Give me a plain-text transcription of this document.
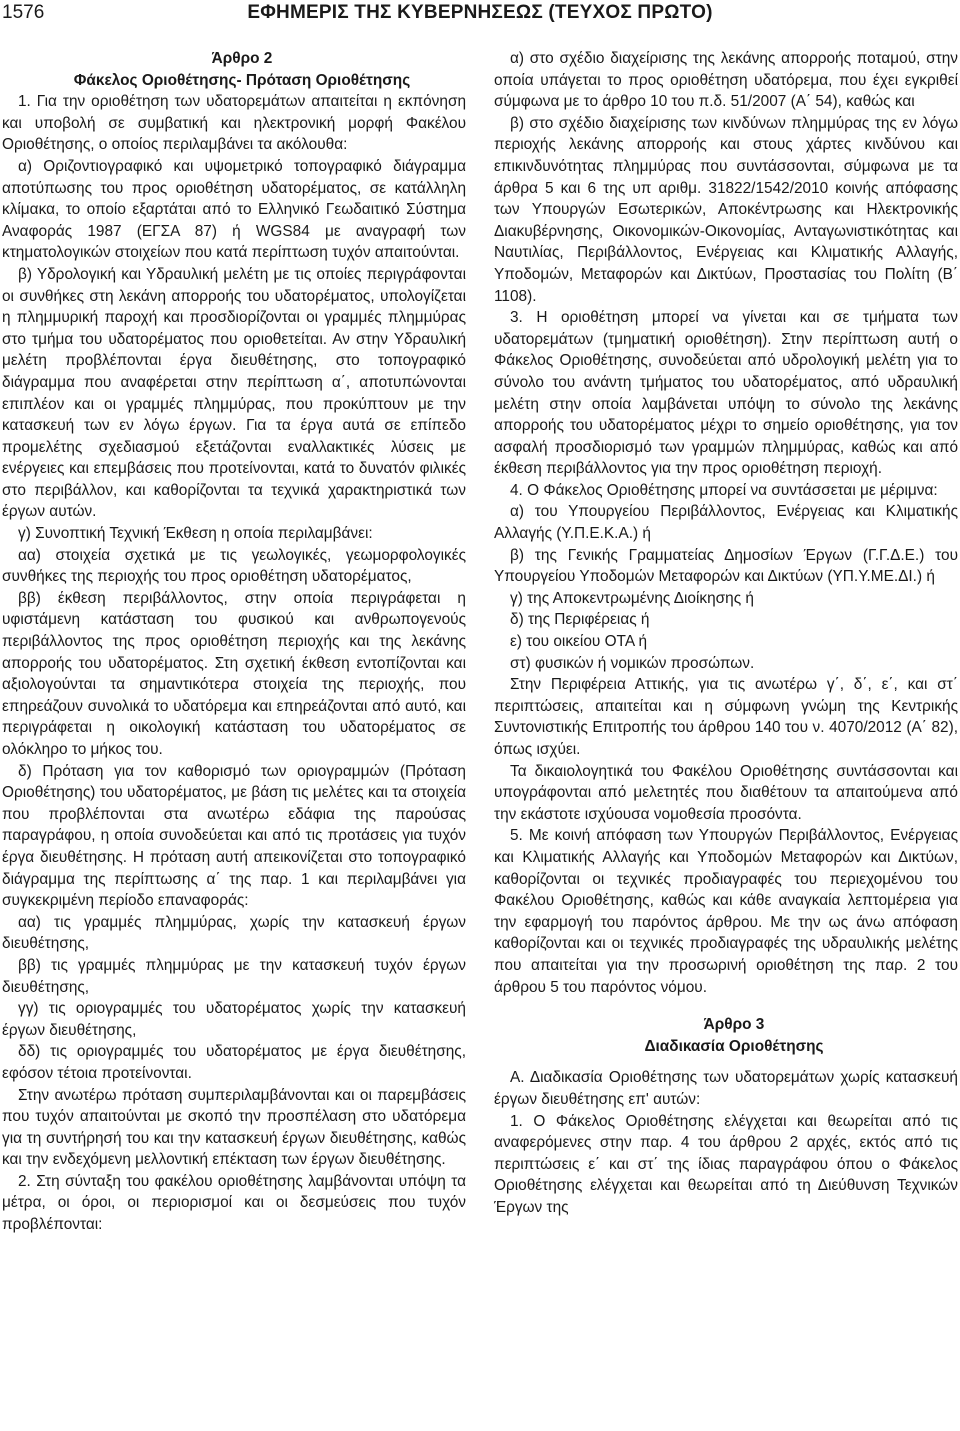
1576	ΕΦΗΜΕΡΙΣ ΤΗΣ ΚΥΒΕΡΝΗΣΕΩΣ (ΤΕΥΧΟΣ ΠΡΩΤΟ)

Άρθρο 2

Φάκελος Οριοθέτησης- Πρόταση Οριοθέτησης

1. Για την οριοθέτηση των υδατορεμάτων απαιτείται η εκπόνηση και υποβολή σε συμβατική και ηλεκτρονική μορφή Φακέλου Οριοθέτησης, ο οποίος περιλαμβάνει τα ακόλουθα:

α) Οριζοντιογραφικό και υψομετρικό τοπογραφικό διάγραμμα αποτύπωσης του προς οριοθέτηση υδατορέματος, σε κατάλληλη κλίμακα, το οποίο εξαρτάται από το Ελληνικό Γεωδαιτικό Σύστημα Αναφοράς 1987 (ΕΓΣΑ 87) ή WGS84 με αναγραφή των κτηματολογικών στοιχείων που κατά περίπτωση τυχόν απαιτούνται.

β) Υδρολογική και Υδραυλική μελέτη με τις οποίες περιγράφονται οι συνθήκες στη λεκάνη απορροής του υδατορέματος, υπολογίζεται η πλημμυρική παροχή και προσδιορίζονται οι γραμμές πλημμύρας στο τμήμα του υδατορέματος που οριοθετείται. Αν στην Υδραυλική μελέτη προβλέπονται έργα διευθέτησης, στο τοπογραφικό διάγραμμα που αναφέρεται στην περίπτωση α΄, αποτυπώνονται επιπλέον και οι γραμμές πλημμύρας, που προκύπτουν με την κατασκευή των εν λόγω έργων. Για τα έργα αυτά σε επίπεδο προμελέτης σχεδιασμού εξετάζονται εναλλακτικές λύσεις με ενέργειες και επεμβάσεις που προτείνονται, κατά το δυνατόν φιλικές στο περιβάλλον, και καθορίζονται τα τεχνικά χαρακτηριστικά των έργων αυτών.

γ) Συνοπτική Τεχνική Έκθεση η οποία περιλαμβάνει:

αα) στοιχεία σχετικά με τις γεωλογικές, γεωμορφολογικές συνθήκες της περιοχής του προς οριοθέτηση υδατορέματος,

ββ) έκθεση περιβάλλοντος, στην οποία περιγράφεται η υφιστάμενη κατάσταση του φυσικού και ανθρωπογενούς περιβάλλοντος της προς οριοθέτηση περιοχής και της λεκάνης απορροής του υδατορέματος. Στη σχετική έκθεση εντοπίζονται και αξιολογούνται τα σημαντικότερα στοιχεία της περιοχής, που επηρεάζουν συνολικά το υδατόρεμα και επηρεάζονται από αυτό, και περιγράφεται η οικολογική κατάσταση του υδατορέματος σε ολόκληρο το μήκος του.

δ) Πρόταση για τον καθορισμό των οριογραμμών (Πρόταση Οριοθέτησης) του υδατορέματος, με βάση τις μελέτες και τα στοιχεία που προβλέπονται στα ανωτέρω εδάφια της παρούσας παραγράφου, η οποία συνοδεύεται και από τις προτάσεις για τυχόν έργα διευθέτησης. Η πρόταση αυτή απεικονίζεται στο τοπογραφικό διάγραμμα της περίπτωσης α΄ της παρ. 1 και περιλαμβάνει για συγκεκριμένη περίοδο επαναφοράς:

αα) τις γραμμές πλημμύρας, χωρίς την κατασκευή έργων διευθέτησης,

ββ) τις γραμμές πλημμύρας με την κατασκευή τυχόν έργων διευθέτησης,

γγ) τις οριογραμμές του υδατορέματος χωρίς την κατασκευή έργων διευθέτησης,

δδ) τις οριογραμμές του υδατορέματος με έργα διευθέτησης, εφόσον τέτοια προτείνονται.

Στην ανωτέρω πρόταση συμπεριλαμβάνονται και οι παρεμβάσεις που τυχόν απαιτούνται με σκοπό την προσπέλαση στο υδατόρεμα για τη συντήρησή του και την κατασκευή έργων διευθέτησης, καθώς και την ενδεχόμενη μελλοντική επέκταση των έργων διευθέτησης.

2. Στη σύνταξη του φακέλου οριοθέτησης λαμβάνονται υπόψη τα μέτρα, οι όροι, οι περιορισμοί και οι δεσμεύσεις που τυχόν προβλέπονται:

α) στο σχέδιο διαχείρισης της λεκάνης απορροής ποταμού, στην οποία υπάγεται το προς οριοθέτηση υδατόρεμα, που έχει εγκριθεί σύμφωνα με το άρθρο 10 του π.δ. 51/2007 (Α΄ 54), καθώς και

β) στο σχέδιο διαχείρισης των κινδύνων πλημμύρας της εν λόγω περιοχής λεκάνης απορροής και στους χάρτες κινδύνου και επικινδυνότητας πλημμύρας που συντάσσονται, σύμφωνα με τα άρθρα 5 και 6 της υπ αριθμ. 31822/1542/2010 κοινής απόφασης των Υπουργών Εσωτερικών, Αποκέντρωσης και Ηλεκτρονικής Διακυβέρνησης, Οικονομικών-Οικονομίας, Ανταγωνιστικότητας και Ναυτιλίας, Περιβάλλοντος, Ενέργειας και Κλιματικής Αλλαγής, Υποδομών, Μεταφορών και Δικτύων, Προστασίας του Πολίτη (Β΄ 1108).

3. Η οριοθέτηση μπορεί να γίνεται και σε τμήματα των υδατορεμάτων (τμηματική οριοθέτηση). Στην περίπτωση αυτή ο Φάκελος Οριοθέτησης, συνοδεύεται από υδρολογική μελέτη για το σύνολο του ανάντη τμήματος του υδατορέματος, από υδραυλική μελέτη στην οποία λαμβάνεται υπόψη το σύνολο της λεκάνης απορροής του υδατορέματος μέχρι το σημείο οριοθέτησης, για τον ασφαλή προσδιορισμό των γραμμών πλημμύρας, καθώς και από έκθεση περιβάλλοντος για την προς οριοθέτηση περιοχή.

4. Ο Φάκελος Οριοθέτησης μπορεί να συντάσσεται με μέριμνα:

α) του Υπουργείου Περιβάλλοντος, Ενέργειας και Κλιματικής Αλλαγής (Υ.Π.Ε.Κ.Α.) ή

β) της Γενικής Γραμματείας Δημοσίων Έργων (Γ.Γ.Δ.Ε.) του Υπουργείου Υποδομών Μεταφορών και Δικτύων (ΥΠ.Υ.ΜΕ.ΔΙ.) ή

γ) της Αποκεντρωμένης Διοίκησης ή

δ) της Περιφέρειας ή

ε) του οικείου ΟΤΑ ή

στ) φυσικών ή νομικών προσώπων.

Στην Περιφέρεια Αττικής, για τις ανωτέρω γ΄, δ΄, ε΄, και στ΄ περιπτώσεις, απαιτείται και η σύμφωνη γνώμη της Κεντρικής Συντονιστικής Επιτροπής του άρθρου 140 του ν. 4070/2012 (Α΄ 82), όπως ισχύει.

Τα δικαιολογητικά του Φακέλου Οριοθέτησης συντάσσονται και υπογράφονται από μελετητές που διαθέτουν τα απαιτούμενα από την εκάστοτε ισχύουσα νομοθεσία προσόντα.

5. Με κοινή απόφαση των Υπουργών Περιβάλλοντος, Ενέργειας και Κλιματικής Αλλαγής και Υποδομών Μεταφορών και Δικτύων, καθορίζονται οι τεχνικές προδιαγραφές του περιεχομένου του Φακέλου Οριοθέτησης, καθώς και κάθε αναγκαία λεπτομέρεια για την εφαρμογή του παρόντος άρθρου. Με την ως άνω απόφαση καθορίζονται και οι τεχνικές προδιαγραφές της υδραυλικής μελέτης που απαιτείται για την προσωρινή οριοθέτηση της παρ. 2 του άρθρου 5 του παρόντος νόμου.

Άρθρο 3

Διαδικασία Οριοθέτησης

Α. Διαδικασία Οριοθέτησης των υδατορεμάτων χωρίς κατασκευή έργων διευθέτησης επ' αυτών:

1. Ο Φάκελος Οριοθέτησης ελέγχεται και θεωρείται από τις αναφερόμενες στην παρ. 4 του άρθρου 2 αρχές, εκτός από τις περιπτώσεις ε΄ και στ΄ της ίδιας παραγράφου όπου ο Φάκελος Οριοθέτησης ελέγχεται και θεωρείται από τη Διεύθυνση Τεχνικών Έργων της
